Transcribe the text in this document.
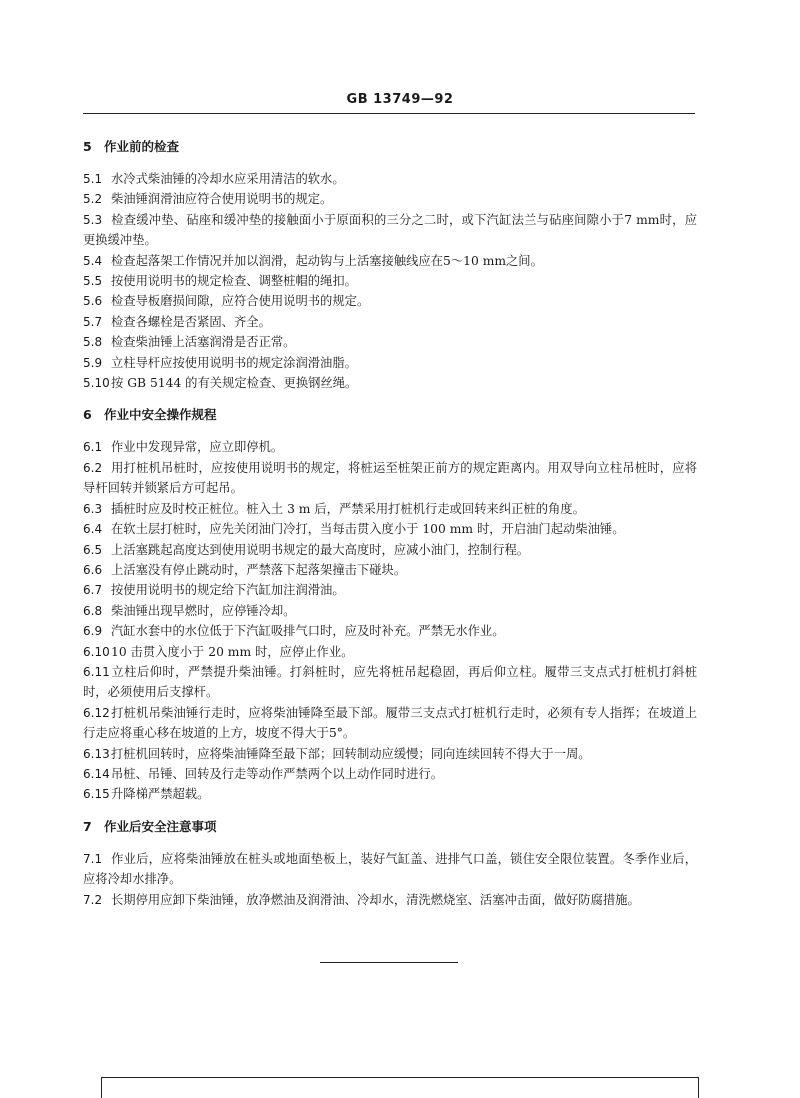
GB 13749—92
5 作业前的检查

5.1 水冷式柴油锤的冷却水应采用清洁的软水。

5.2 柴油锤润滑油应符合使用说明书的规定。

5.3 检查缓冲垫、砧座和缓冲垫的接触面小于原面积的三分之二时，或下汽缸法兰与砧座间隙小于7 mm时，应更换缓冲垫。

5.4 检查起落架工作情况并加以润滑，起动钩与上活塞接触线应在5～10 mm之间。

5.5 按使用说明书的规定检查、调整桩帽的绳扣。

5.6 检查导板磨损间隙，应符合使用说明书的规定。

5.7 检查各螺栓是否紧固、齐全。

5.8 检查柴油锤上活塞润滑是否正常。

5.9 立柱导杆应按使用说明书的规定涂润滑油脂。

5.10按 GB 5144 的有关规定检查、更换钢丝绳。

6 作业中安全操作规程

6.1 作业中发现异常，应立即停机。

6.2 用打桩机吊桩时，应按使用说明书的规定，将桩运至桩架正前方的规定距离内。用双导向立柱吊桩时，应将导杆回转并锁紧后方可起吊。

6.3 插桩时应及时校正桩位。桩入土 3 m 后，严禁采用打桩机行走或回转来纠正桩的角度。

6.4 在软土层打桩时，应先关闭油门冷打，当每击贯入度小于 100 mm 时，开启油门起动柴油锤。

6.5 上活塞跳起高度达到使用说明书规定的最大高度时，应减小油门，控制行程。

6.6 上活塞没有停止跳动时，严禁落下起落架撞击下碰块。

6.7 按使用说明书的规定给下汽缸加注润滑油。

6.8 柴油锤出现早燃时，应停锤冷却。

6.9 汽缸水套中的水位低于下汽缸吸排气口时，应及时补充。严禁无水作业。

6.1010 击贯入度小于 20 mm 时，应停止作业。

6.11立柱后仰时，严禁提升柴油锤。打斜桩时，应先将桩吊起稳固，再后仰立柱。履带三支点式打桩机打斜桩时，必须使用后支撑杆。

6.12打桩机吊柴油锤行走时，应将柴油锤降至最下部。履带三支点式打桩机行走时，必须有专人指挥；在坡道上行走应将重心移在坡道的上方，坡度不得大于5°。

6.13打桩机回转时，应将柴油锤降至最下部；回转制动应缓慢；同向连续回转不得大于一周。

6.14吊桩、吊锤、回转及行走等动作严禁两个以上动作同时进行。

6.15升降梯严禁超载。

7 作业后安全注意事项

7.1 作业后，应将柴油锤放在桩头或地面垫板上，装好气缸盖、进排气口盖，锁住安全限位装置。冬季作业后，应将冷却水排净。

7.2 长期停用应卸下柴油锤，放净燃油及润滑油、冷却水，清洗燃烧室、活塞冲击面，做好防腐措施。
